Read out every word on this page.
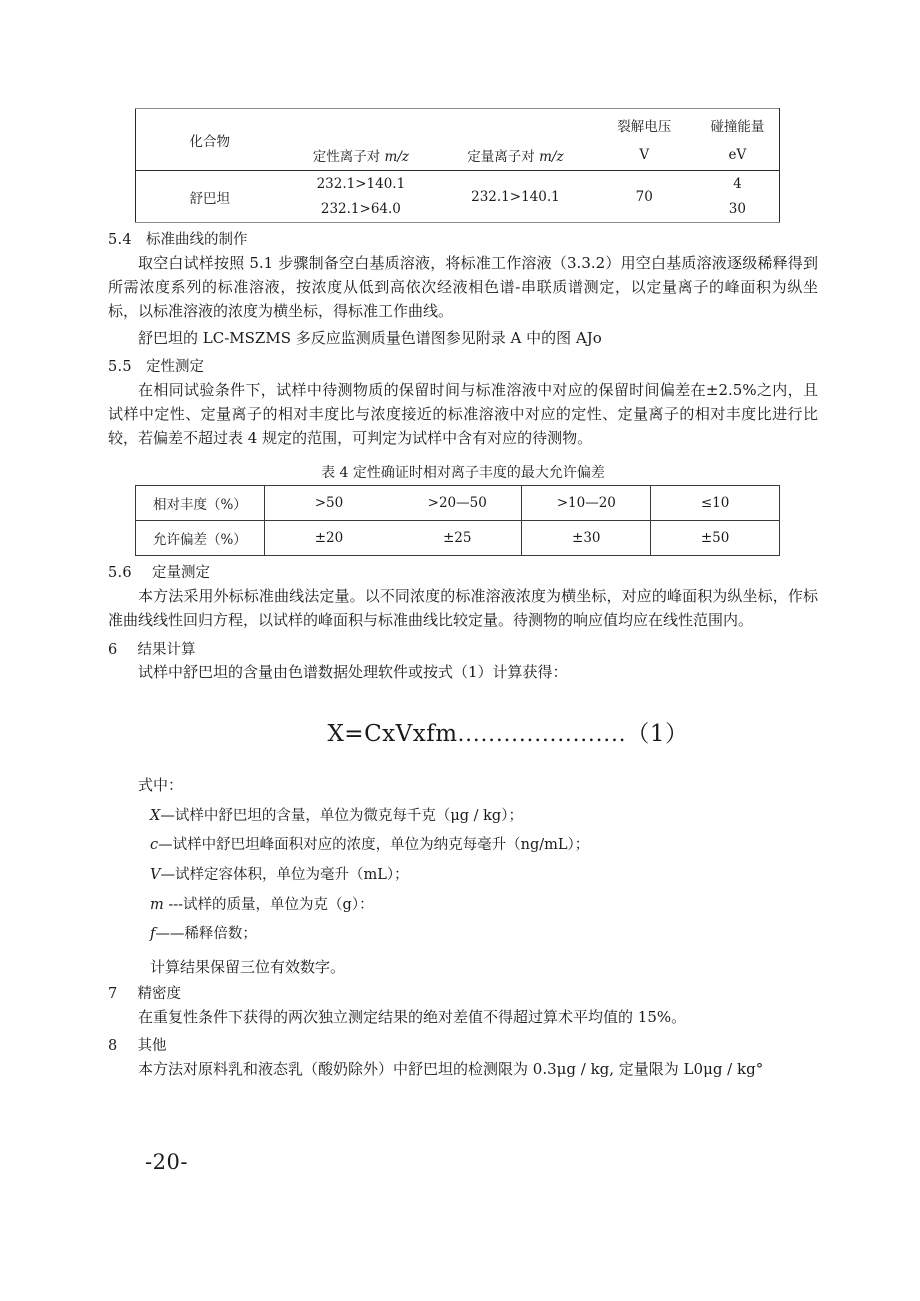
化合物			裂解电压	碰撞能量
	定性离子对 m/z	定量离子对 m/z	V	eV
舒巴坦	232.1>140.1	232.1>140.1	70	4
	232.1>64.0			30
5.4 标准曲线的制作

取空白试样按照 5.1 步骤制备空白基质溶液，将标准工作溶液（3.3.2）用空白基质溶液逐级稀释得到所需浓度系列的标准溶液，按浓度从低到高依次经液相色谱-串联质谱测定，以定量离子的峰面积为纵坐标，以标准溶液的浓度为横坐标，得标准工作曲线。

舒巴坦的 LC-MSZMS 多反应监测质量色谱图参见附录 A 中的图 AJo

5.5 定性测定

在相同试验条件下，试样中待测物质的保留时间与标准溶液中对应的保留时间偏差在±2.5%之内，且试样中定性、定量离子的相对丰度比与浓度接近的标准溶液中对应的定性、定量离子的相对丰度比进行比较，若偏差不超过表 4 规定的范围，可判定为试样中含有对应的待测物。

表 4 定性确证时相对离子丰度的最大允许偏差
相对丰度（%）	>50	>20—50	>10—20	≤10
允许偏差（%）	±20	±25	±30	±50
5.6 定量测定

本方法采用外标标准曲线法定量。以不同浓度的标准溶液浓度为横坐标，对应的峰面积为纵坐标，作标准曲线线性回归方程，以试样的峰面积与标准曲线比较定量。待测物的响应值均应在线性范围内。

6 结果计算

试样中舒巴坦的含量由色谱数据处理软件或按式（1）计算获得：

X=CxVxfm......................（1）
式中：
X—试样中舒巴坦的含量，单位为微克每千克（μg / kg）；
c—试样中舒巴坦峰面积对应的浓度，单位为纳克每毫升（ng/mL）；
V—试样定容体积，单位为毫升（mL）；
m ---试样的质量，单位为克（g）：
f——稀释倍数；
计算结果保留三位有效数字。
7 精密度

在重复性条件下获得的两次独立测定结果的绝对差值不得超过算术平均值的 15%。

8 其他

本方法对原料乳和液态乳（酸奶除外）中舒巴坦的检测限为 0.3μg / kg, 定量限为 L0μg / kg°

-20-
